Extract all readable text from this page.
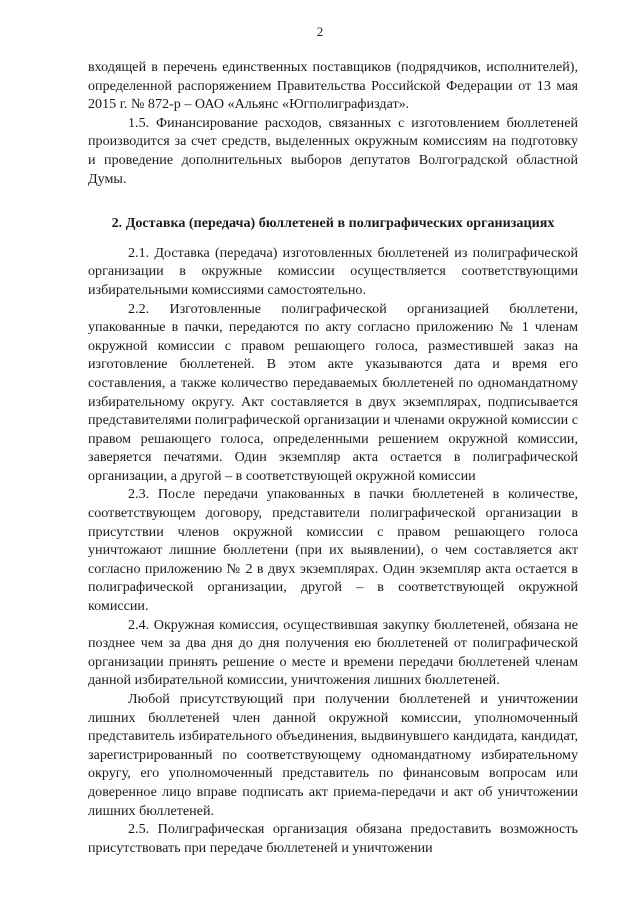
2

входящей в перечень единственных поставщиков (подрядчиков, исполнителей), определенной распоряжением Правительства Российской Федерации от 13 мая 2015 г. № 872-р – ОАО «Альянс «Югполиграфиздат».

1.5. Финансирование расходов, связанных с изготовлением бюллетеней производится за счет средств, выделенных окружным комиссиям на подготовку и проведение дополнительных выборов депутатов Волгоградской областной Думы.

2. Доставка (передача) бюллетеней в полиграфических организациях

2.1. Доставка (передача) изготовленных бюллетеней из полиграфической организации в окружные комиссии осуществляется соответствующими избирательными комиссиями самостоятельно.

2.2. Изготовленные полиграфической организацией бюллетени, упакованные в пачки, передаются по акту согласно приложению № 1 членам окружной комиссии с правом решающего голоса, разместившей заказ на изготовление бюллетеней. В этом акте указываются дата и время его составления, а также количество передаваемых бюллетеней по одномандатному избирательному округу. Акт составляется в двух экземплярах, подписывается представителями полиграфической организации и членами окружной комиссии с правом решающего голоса, определенными решением окружной комиссии, заверяется печатями. Один экземпляр акта остается в полиграфической организации, а другой – в соответствующей окружной комиссии

2.3. После передачи упакованных в пачки бюллетеней в количестве, соответствующем договору, представители полиграфической организации в присутствии членов окружной комиссии с правом решающего голоса уничтожают лишние бюллетени (при их выявлении), о чем составляется акт согласно приложению № 2 в двух экземплярах. Один экземпляр акта остается в полиграфической организации, другой – в соответствующей окружной комиссии.

2.4. Окружная комиссия, осуществившая закупку бюллетеней, обязана не позднее чем за два дня до дня получения ею бюллетеней от полиграфической организации принять решение о месте и времени передачи бюллетеней членам данной избирательной комиссии, уничтожения лишних бюллетеней.

Любой присутствующий при получении бюллетеней и уничтожении лишних бюллетеней член данной окружной комиссии, уполномоченный представитель избирательного объединения, выдвинувшего кандидата, кандидат, зарегистрированный по соответствующему одномандатному избирательному округу, его уполномоченный представитель по финансовым вопросам или доверенное лицо вправе подписать акт приема-передачи и акт об уничтожении лишних бюллетеней.

2.5. Полиграфическая организация обязана предоставить возможность присутствовать при передаче бюллетеней и уничтожении
